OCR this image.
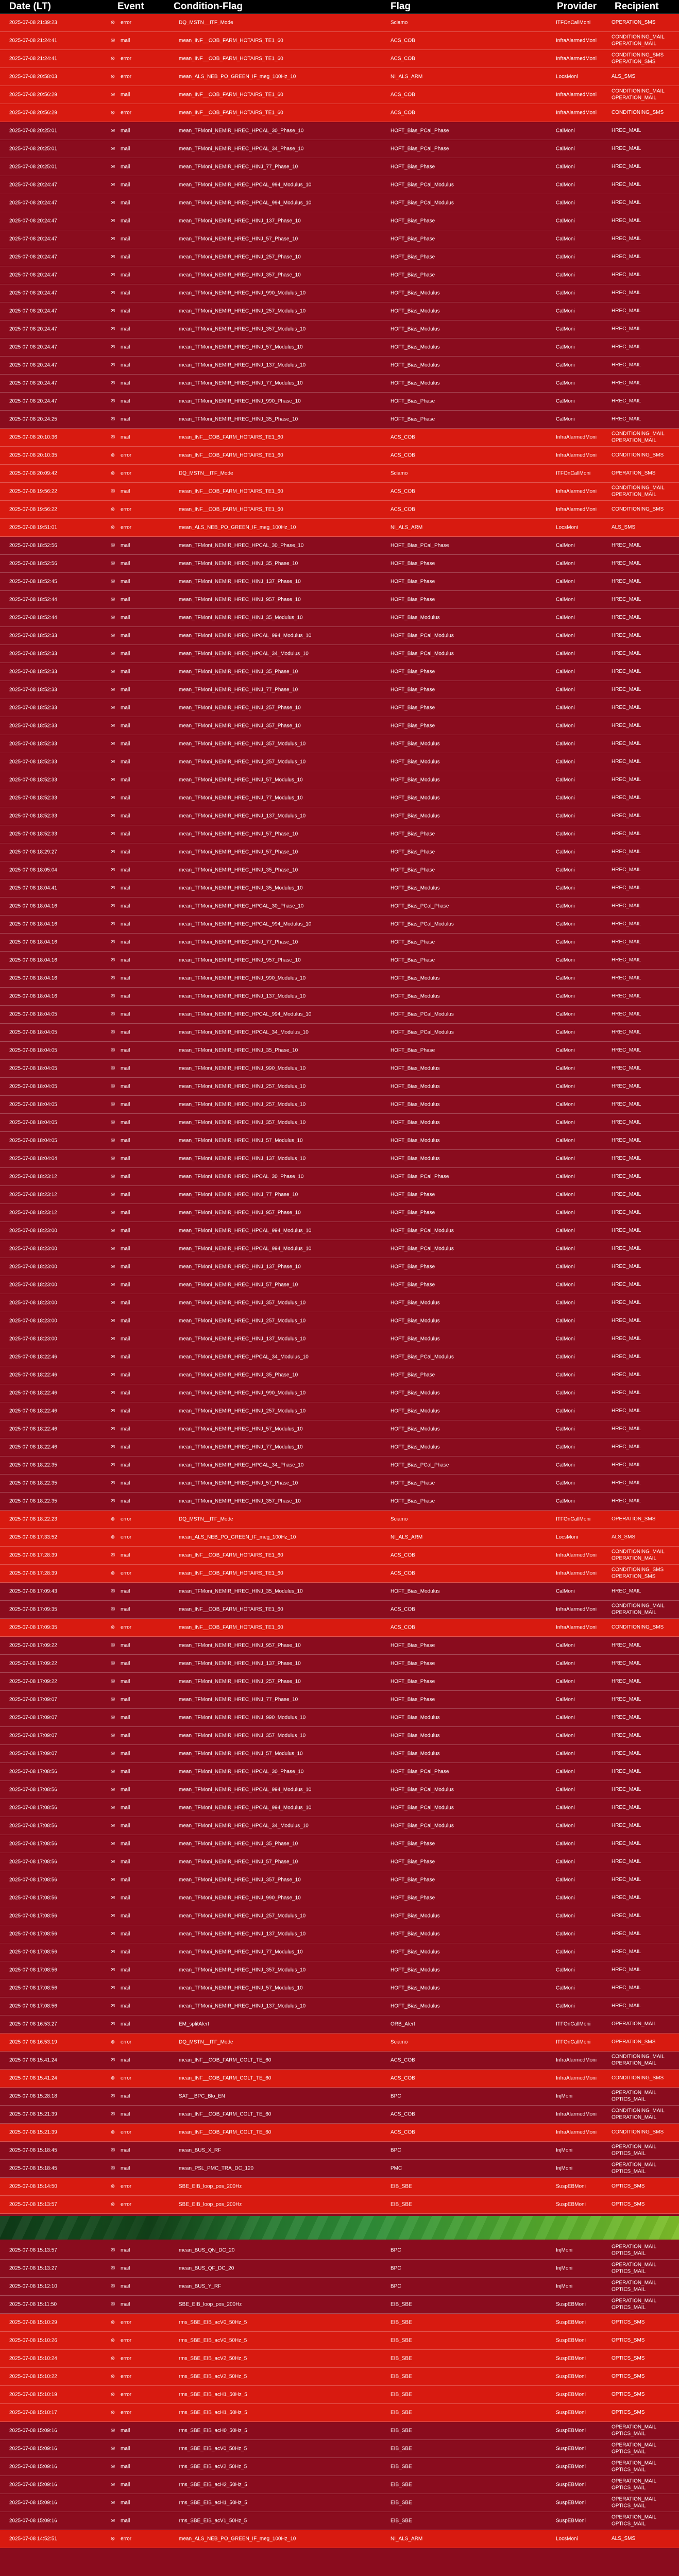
Date (LT)	Event	Condition-Flag	Flag	Provider Recipient
2025-07-08 21:39:23	⊗ error	DQ_MSTN__ITF_Mode	Sciamo	ITFOnCallMoni	OPERATION_SMS
2025-07-08 21:24:41	✉ mail	mean_INF__COB_FARM_HOTAIRS_TE1_60	ACS_COB	InfraAlarmedMoni
CONDITIONING_MAIL
OPERATION_MAIL
2025-07-08 21:24:41	⊗ error	mean_INF__COB_FARM_HOTAIRS_TE1_60	ACS_COB	InfraAlarmedMoni
CONDITIONING_SMS
OPERATION_SMS
2025-07-08 20:58:03	⊗ error	mean_ALS_NEB_PO_GREEN_IF_meg_100Hz_10	NI_ALS_ARM	LocsMoni	ALS_SMS
2025-07-08 20:56:29	✉ mail	mean_INF__COB_FARM_HOTAIRS_TE1_60	ACS_COB	InfraAlarmedMoni
CONDITIONING_MAIL
OPERATION_MAIL
2025-07-08 20:56:29	⊗ error	mean_INF__COB_FARM_HOTAIRS_TE1_60	ACS_COB	InfraAlarmedMoni	CONDITIONING_SMS
2025-07-08 20:25:01	✉ mail	mean_TFMoni_NEMIR_HREC_HPCAL_30_Phase_10	HOFT_Bias_PCal_Phase	CalMoni	HREC_MAIL
2025-07-08 20:25:01	✉ mail	mean_TFMoni_NEMIR_HREC_HPCAL_34_Phase_10	HOFT_Bias_PCal_Phase	CalMoni	HREC_MAIL
2025-07-08 20:25:01	✉ mail	mean_TFMoni_NEMIR_HREC_HINJ_77_Phase_10	HOFT_Bias_Phase	CalMoni	HREC_MAIL
2025-07-08 20:24:47	✉ mail	mean_TFMoni_NEMIR_HREC_HPCAL_994_Modulus_10	HOFT_Bias_PCal_Modulus	CalMoni	HREC_MAIL
2025-07-08 20:24:47	✉ mail	mean_TFMoni_NEMIR_HREC_HPCAL_994_Modulus_10	HOFT_Bias_PCal_Modulus	CalMoni	HREC_MAIL
2025-07-08 20:24:47	✉ mail	mean_TFMoni_NEMIR_HREC_HINJ_137_Phase_10	HOFT_Bias_Phase	CalMoni	HREC_MAIL
2025-07-08 20:24:47	✉ mail	mean_TFMoni_NEMIR_HREC_HINJ_57_Phase_10	HOFT_Bias_Phase	CalMoni	HREC_MAIL
2025-07-08 20:24:47	✉ mail	mean_TFMoni_NEMIR_HREC_HINJ_257_Phase_10	HOFT_Bias_Phase	CalMoni	HREC_MAIL
2025-07-08 20:24:47	✉ mail	mean_TFMoni_NEMIR_HREC_HINJ_357_Phase_10	HOFT_Bias_Phase	CalMoni	HREC_MAIL
2025-07-08 20:24:47	✉ mail	mean_TFMoni_NEMIR_HREC_HINJ_990_Modulus_10	HOFT_Bias_Modulus	CalMoni	HREC_MAIL
2025-07-08 20:24:47	✉ mail	mean_TFMoni_NEMIR_HREC_HINJ_257_Modulus_10	HOFT_Bias_Modulus	CalMoni	HREC_MAIL
2025-07-08 20:24:47	✉ mail	mean_TFMoni_NEMIR_HREC_HINJ_357_Modulus_10	HOFT_Bias_Modulus	CalMoni	HREC_MAIL
2025-07-08 20:24:47	✉ mail	mean_TFMoni_NEMIR_HREC_HINJ_57_Modulus_10	HOFT_Bias_Modulus	CalMoni	HREC_MAIL
2025-07-08 20:24:47	✉ mail	mean_TFMoni_NEMIR_HREC_HINJ_137_Modulus_10	HOFT_Bias_Modulus	CalMoni	HREC_MAIL
2025-07-08 20:24:47	✉ mail	mean_TFMoni_NEMIR_HREC_HINJ_77_Modulus_10	HOFT_Bias_Modulus	CalMoni	HREC_MAIL
2025-07-08 20:24:47	✉ mail	mean_TFMoni_NEMIR_HREC_HINJ_990_Phase_10	HOFT_Bias_Phase	CalMoni	HREC_MAIL
2025-07-08 20:24:25	✉ mail	mean_TFMoni_NEMIR_HREC_HINJ_35_Phase_10	HOFT_Bias_Phase	CalMoni	HREC_MAIL
2025-07-08 20:10:36	✉ mail	mean_INF__COB_FARM_HOTAIRS_TE1_60	ACS_COB	InfraAlarmedMoni
CONDITIONING_MAIL
OPERATION_MAIL
2025-07-08 20:10:35	⊗ error	mean_INF__COB_FARM_HOTAIRS_TE1_60	ACS_COB	InfraAlarmedMoni	CONDITIONING_SMS
2025-07-08 20:09:42	⊗ error	DQ_MSTN__ITF_Mode	Sciamo	ITFOnCallMoni	OPERATION_SMS
2025-07-08 19:56:22	✉ mail	mean_INF__COB_FARM_HOTAIRS_TE1_60	ACS_COB	InfraAlarmedMoni
CONDITIONING_MAIL
OPERATION_MAIL
2025-07-08 19:56:22	⊗ error	mean_INF__COB_FARM_HOTAIRS_TE1_60	ACS_COB	InfraAlarmedMoni	CONDITIONING_SMS
2025-07-08 19:51:01	⊗ error	mean_ALS_NEB_PO_GREEN_IF_meg_100Hz_10	NI_ALS_ARM	LocsMoni	ALS_SMS
2025-07-08 18:52:56	✉ mail	mean_TFMoni_NEMIR_HREC_HPCAL_30_Phase_10	HOFT_Bias_PCal_Phase	CalMoni	HREC_MAIL
2025-07-08 18:52:56	✉ mail	mean_TFMoni_NEMIR_HREC_HINJ_35_Phase_10	HOFT_Bias_Phase	CalMoni	HREC_MAIL
2025-07-08 18:52:45	✉ mail	mean_TFMoni_NEMIR_HREC_HINJ_137_Phase_10	HOFT_Bias_Phase	CalMoni	HREC_MAIL
2025-07-08 18:52:44	✉ mail	mean_TFMoni_NEMIR_HREC_HINJ_957_Phase_10	HOFT_Bias_Phase	CalMoni	HREC_MAIL
2025-07-08 18:52:44	✉ mail	mean_TFMoni_NEMIR_HREC_HINJ_35_Modulus_10	HOFT_Bias_Modulus	CalMoni	HREC_MAIL
2025-07-08 18:52:33	✉ mail	mean_TFMoni_NEMIR_HREC_HPCAL_994_Modulus_10	HOFT_Bias_PCal_Modulus	CalMoni	HREC_MAIL
2025-07-08 18:52:33	✉ mail	mean_TFMoni_NEMIR_HREC_HPCAL_34_Modulus_10	HOFT_Bias_PCal_Modulus	CalMoni	HREC_MAIL
2025-07-08 18:52:33	✉ mail	mean_TFMoni_NEMIR_HREC_HINJ_35_Phase_10	HOFT_Bias_Phase	CalMoni	HREC_MAIL
2025-07-08 18:52:33	✉ mail	mean_TFMoni_NEMIR_HREC_HINJ_77_Phase_10	HOFT_Bias_Phase	CalMoni	HREC_MAIL
2025-07-08 18:52:33	✉ mail	mean_TFMoni_NEMIR_HREC_HINJ_257_Phase_10	HOFT_Bias_Phase	CalMoni	HREC_MAIL
2025-07-08 18:52:33	✉ mail	mean_TFMoni_NEMIR_HREC_HINJ_357_Phase_10	HOFT_Bias_Phase	CalMoni	HREC_MAIL
2025-07-08 18:52:33	✉ mail	mean_TFMoni_NEMIR_HREC_HINJ_357_Modulus_10	HOFT_Bias_Modulus	CalMoni	HREC_MAIL
2025-07-08 18:52:33	✉ mail	mean_TFMoni_NEMIR_HREC_HINJ_257_Modulus_10	HOFT_Bias_Modulus	CalMoni	HREC_MAIL
2025-07-08 18:52:33	✉ mail	mean_TFMoni_NEMIR_HREC_HINJ_57_Modulus_10	HOFT_Bias_Modulus	CalMoni	HREC_MAIL
2025-07-08 18:52:33	✉ mail	mean_TFMoni_NEMIR_HREC_HINJ_77_Modulus_10	HOFT_Bias_Modulus	CalMoni	HREC_MAIL
2025-07-08 18:52:33	✉ mail	mean_TFMoni_NEMIR_HREC_HINJ_137_Modulus_10	HOFT_Bias_Modulus	CalMoni	HREC_MAIL
2025-07-08 18:52:33	✉ mail	mean_TFMoni_NEMIR_HREC_HINJ_57_Phase_10	HOFT_Bias_Phase	CalMoni	HREC_MAIL
2025-07-08 18:29:27	✉ mail	mean_TFMoni_NEMIR_HREC_HINJ_57_Phase_10	HOFT_Bias_Phase	CalMoni	HREC_MAIL
2025-07-08 18:05:04	✉ mail	mean_TFMoni_NEMIR_HREC_HINJ_35_Phase_10	HOFT_Bias_Phase	CalMoni	HREC_MAIL
2025-07-08 18:04:41	✉ mail	mean_TFMoni_NEMIR_HREC_HINJ_35_Modulus_10	HOFT_Bias_Modulus	CalMoni	HREC_MAIL
2025-07-08 18:04:16	✉ mail	mean_TFMoni_NEMIR_HREC_HPCAL_30_Phase_10	HOFT_Bias_PCal_Phase	CalMoni	HREC_MAIL
2025-07-08 18:04:16	✉ mail	mean_TFMoni_NEMIR_HREC_HPCAL_994_Modulus_10	HOFT_Bias_PCal_Modulus	CalMoni	HREC_MAIL
2025-07-08 18:04:16	✉ mail	mean_TFMoni_NEMIR_HREC_HINJ_77_Phase_10	HOFT_Bias_Phase	CalMoni	HREC_MAIL
2025-07-08 18:04:16	✉ mail	mean_TFMoni_NEMIR_HREC_HINJ_957_Phase_10	HOFT_Bias_Phase	CalMoni	HREC_MAIL
2025-07-08 18:04:16	✉ mail	mean_TFMoni_NEMIR_HREC_HINJ_990_Modulus_10	HOFT_Bias_Modulus	CalMoni	HREC_MAIL
2025-07-08 18:04:16	✉ mail	mean_TFMoni_NEMIR_HREC_HINJ_137_Modulus_10	HOFT_Bias_Modulus	CalMoni	HREC_MAIL
2025-07-08 18:04:05	✉ mail	mean_TFMoni_NEMIR_HREC_HPCAL_994_Modulus_10	HOFT_Bias_PCal_Modulus	CalMoni	HREC_MAIL
2025-07-08 18:04:05	✉ mail	mean_TFMoni_NEMIR_HREC_HPCAL_34_Modulus_10	HOFT_Bias_PCal_Modulus	CalMoni	HREC_MAIL
2025-07-08 18:04:05	✉ mail	mean_TFMoni_NEMIR_HREC_HINJ_35_Phase_10	HOFT_Bias_Phase	CalMoni	HREC_MAIL
2025-07-08 18:04:05	✉ mail	mean_TFMoni_NEMIR_HREC_HINJ_990_Modulus_10	HOFT_Bias_Modulus	CalMoni	HREC_MAIL
2025-07-08 18:04:05	✉ mail	mean_TFMoni_NEMIR_HREC_HINJ_257_Modulus_10	HOFT_Bias_Modulus	CalMoni	HREC_MAIL
2025-07-08 18:04:05	✉ mail	mean_TFMoni_NEMIR_HREC_HINJ_257_Modulus_10	HOFT_Bias_Modulus	CalMoni	HREC_MAIL
2025-07-08 18:04:05	✉ mail	mean_TFMoni_NEMIR_HREC_HINJ_357_Modulus_10	HOFT_Bias_Modulus	CalMoni	HREC_MAIL
2025-07-08 18:04:05	✉ mail	mean_TFMoni_NEMIR_HREC_HINJ_57_Modulus_10	HOFT_Bias_Modulus	CalMoni	HREC_MAIL
2025-07-08 18:04:04	✉ mail	mean_TFMoni_NEMIR_HREC_HINJ_137_Modulus_10	HOFT_Bias_Modulus	CalMoni	HREC_MAIL
2025-07-08 18:23:12	✉ mail	mean_TFMoni_NEMIR_HREC_HPCAL_30_Phase_10	HOFT_Bias_PCal_Phase	CalMoni	HREC_MAIL
2025-07-08 18:23:12	✉ mail	mean_TFMoni_NEMIR_HREC_HINJ_77_Phase_10	HOFT_Bias_Phase	CalMoni	HREC_MAIL
2025-07-08 18:23:12	✉ mail	mean_TFMoni_NEMIR_HREC_HINJ_957_Phase_10	HOFT_Bias_Phase	CalMoni	HREC_MAIL
2025-07-08 18:23:00	✉ mail	mean_TFMoni_NEMIR_HREC_HPCAL_994_Modulus_10	HOFT_Bias_PCal_Modulus	CalMoni	HREC_MAIL
2025-07-08 18:23:00	✉ mail	mean_TFMoni_NEMIR_HREC_HPCAL_994_Modulus_10	HOFT_Bias_PCal_Modulus	CalMoni	HREC_MAIL
2025-07-08 18:23:00	✉ mail	mean_TFMoni_NEMIR_HREC_HINJ_137_Phase_10	HOFT_Bias_Phase	CalMoni	HREC_MAIL
2025-07-08 18:23:00	✉ mail	mean_TFMoni_NEMIR_HREC_HINJ_57_Phase_10	HOFT_Bias_Phase	CalMoni	HREC_MAIL
2025-07-08 18:23:00	✉ mail	mean_TFMoni_NEMIR_HREC_HINJ_357_Modulus_10	HOFT_Bias_Modulus	CalMoni	HREC_MAIL
2025-07-08 18:23:00	✉ mail	mean_TFMoni_NEMIR_HREC_HINJ_257_Modulus_10	HOFT_Bias_Modulus	CalMoni	HREC_MAIL
2025-07-08 18:23:00	✉ mail	mean_TFMoni_NEMIR_HREC_HINJ_137_Modulus_10	HOFT_Bias_Modulus	CalMoni	HREC_MAIL
2025-07-08 18:22:46	✉ mail	mean_TFMoni_NEMIR_HREC_HPCAL_34_Modulus_10	HOFT_Bias_PCal_Modulus	CalMoni	HREC_MAIL
2025-07-08 18:22:46	✉ mail	mean_TFMoni_NEMIR_HREC_HINJ_35_Phase_10	HOFT_Bias_Phase	CalMoni	HREC_MAIL
2025-07-08 18:22:46	✉ mail	mean_TFMoni_NEMIR_HREC_HINJ_990_Modulus_10	HOFT_Bias_Modulus	CalMoni	HREC_MAIL
2025-07-08 18:22:46	✉ mail	mean_TFMoni_NEMIR_HREC_HINJ_257_Modulus_10	HOFT_Bias_Modulus	CalMoni	HREC_MAIL
2025-07-08 18:22:46	✉ mail	mean_TFMoni_NEMIR_HREC_HINJ_57_Modulus_10	HOFT_Bias_Modulus	CalMoni	HREC_MAIL
2025-07-08 18:22:46	✉ mail	mean_TFMoni_NEMIR_HREC_HINJ_77_Modulus_10	HOFT_Bias_Modulus	CalMoni	HREC_MAIL
2025-07-08 18:22:35	✉ mail	mean_TFMoni_NEMIR_HREC_HPCAL_34_Phase_10	HOFT_Bias_PCal_Phase	CalMoni	HREC_MAIL
2025-07-08 18:22:35	✉ mail	mean_TFMoni_NEMIR_HREC_HINJ_57_Phase_10	HOFT_Bias_Phase	CalMoni	HREC_MAIL
2025-07-08 18:22:35	✉ mail	mean_TFMoni_NEMIR_HREC_HINJ_357_Phase_10	HOFT_Bias_Phase	CalMoni	HREC_MAIL
2025-07-08 18:22:23	⊗ error	DQ_MSTN__ITF_Mode	Sciamo	ITFOnCallMoni	OPERATION_SMS
2025-07-08 17:33:52	⊗ error	mean_ALS_NEB_PO_GREEN_IF_meg_100Hz_10	NI_ALS_ARM	LocsMoni	ALS_SMS
2025-07-08 17:28:39	✉ mail	mean_INF__COB_FARM_HOTAIRS_TE1_60	ACS_COB	InfraAlarmedMoni
CONDITIONING_MAIL
OPERATION_MAIL
2025-07-08 17:28:39	⊗ error	mean_INF__COB_FARM_HOTAIRS_TE1_60	ACS_COB	InfraAlarmedMoni
CONDITIONING_SMS
OPERATION_SMS
2025-07-08 17:09:43	✉ mail	mean_TFMoni_NEMIR_HREC_HINJ_35_Modulus_10	HOFT_Bias_Modulus	CalMoni	HREC_MAIL
2025-07-08 17:09:35	✉ mail	mean_INF__COB_FARM_HOTAIRS_TE1_60	ACS_COB	InfraAlarmedMoni
CONDITIONING_MAIL
OPERATION_MAIL
2025-07-08 17:09:35	⊗ error	mean_INF__COB_FARM_HOTAIRS_TE1_60	ACS_COB	InfraAlarmedMoni	CONDITIONING_SMS
2025-07-08 17:09:22	✉ mail	mean_TFMoni_NEMIR_HREC_HINJ_957_Phase_10	HOFT_Bias_Phase	CalMoni	HREC_MAIL
2025-07-08 17:09:22	✉ mail	mean_TFMoni_NEMIR_HREC_HINJ_137_Phase_10	HOFT_Bias_Phase	CalMoni	HREC_MAIL
2025-07-08 17:09:22	✉ mail	mean_TFMoni_NEMIR_HREC_HINJ_257_Phase_10	HOFT_Bias_Phase	CalMoni	HREC_MAIL
2025-07-08 17:09:07	✉ mail	mean_TFMoni_NEMIR_HREC_HINJ_77_Phase_10	HOFT_Bias_Phase	CalMoni	HREC_MAIL
2025-07-08 17:09:07	✉ mail	mean_TFMoni_NEMIR_HREC_HINJ_990_Modulus_10	HOFT_Bias_Modulus	CalMoni	HREC_MAIL
2025-07-08 17:09:07	✉ mail	mean_TFMoni_NEMIR_HREC_HINJ_357_Modulus_10	HOFT_Bias_Modulus	CalMoni	HREC_MAIL
2025-07-08 17:09:07	✉ mail	mean_TFMoni_NEMIR_HREC_HINJ_57_Modulus_10	HOFT_Bias_Modulus	CalMoni	HREC_MAIL
2025-07-08 17:08:56	✉ mail	mean_TFMoni_NEMIR_HREC_HPCAL_30_Phase_10	HOFT_Bias_PCal_Phase	CalMoni	HREC_MAIL
2025-07-08 17:08:56	✉ mail	mean_TFMoni_NEMIR_HREC_HPCAL_994_Modulus_10	HOFT_Bias_PCal_Modulus	CalMoni	HREC_MAIL
2025-07-08 17:08:56	✉ mail	mean_TFMoni_NEMIR_HREC_HPCAL_994_Modulus_10	HOFT_Bias_PCal_Modulus	CalMoni	HREC_MAIL
2025-07-08 17:08:56	✉ mail	mean_TFMoni_NEMIR_HREC_HPCAL_34_Modulus_10	HOFT_Bias_PCal_Modulus	CalMoni	HREC_MAIL
2025-07-08 17:08:56	✉ mail	mean_TFMoni_NEMIR_HREC_HINJ_35_Phase_10	HOFT_Bias_Phase	CalMoni	HREC_MAIL
2025-07-08 17:08:56	✉ mail	mean_TFMoni_NEMIR_HREC_HINJ_57_Phase_10	HOFT_Bias_Phase	CalMoni	HREC_MAIL
2025-07-08 17:08:56	✉ mail	mean_TFMoni_NEMIR_HREC_HINJ_357_Phase_10	HOFT_Bias_Phase	CalMoni	HREC_MAIL
2025-07-08 17:08:56	✉ mail	mean_TFMoni_NEMIR_HREC_HINJ_990_Phase_10	HOFT_Bias_Phase	CalMoni	HREC_MAIL
2025-07-08 17:08:56	✉ mail	mean_TFMoni_NEMIR_HREC_HINJ_257_Modulus_10	HOFT_Bias_Modulus	CalMoni	HREC_MAIL
2025-07-08 17:08:56	✉ mail	mean_TFMoni_NEMIR_HREC_HINJ_137_Modulus_10	HOFT_Bias_Modulus	CalMoni	HREC_MAIL
2025-07-08 17:08:56	✉ mail	mean_TFMoni_NEMIR_HREC_HINJ_77_Modulus_10	HOFT_Bias_Modulus	CalMoni	HREC_MAIL
2025-07-08 17:08:56	✉ mail	mean_TFMoni_NEMIR_HREC_HINJ_357_Modulus_10	HOFT_Bias_Modulus	CalMoni	HREC_MAIL
2025-07-08 17:08:56	✉ mail	mean_TFMoni_NEMIR_HREC_HINJ_57_Modulus_10	HOFT_Bias_Modulus	CalMoni	HREC_MAIL
2025-07-08 17:08:56	✉ mail	mean_TFMoni_NEMIR_HREC_HINJ_137_Modulus_10	HOFT_Bias_Modulus	CalMoni	HREC_MAIL
2025-07-08 16:53:27	✉ mail	EM_splitAlert	ORB_Alert	ITFOnCallMoni	OPERATION_MAIL
2025-07-08 16:53:19	⊗ error	DQ_MSTN__ITF_Mode	Sciamo	ITFOnCallMoni	OPERATION_SMS
2025-07-08 15:41:24	✉ mail	mean_INF__COB_FARM_COLT_TE_60	ACS_COB	InfraAlarmedMoni
CONDITIONING_MAIL
OPERATION_MAIL
2025-07-08 15:41:24	⊗ error	mean_INF__COB_FARM_COLT_TE_60	ACS_COB	InfraAlarmedMoni	CONDITIONING_SMS
2025-07-08 15:28:18	✉ mail	SAT__BPC_Blo_EN	BPC	InjMoni
OPERATION_MAIL
OPTICS_MAIL
2025-07-08 15:21:39	✉ mail	mean_INF__COB_FARM_COLT_TE_60	ACS_COB	InfraAlarmedMoni
CONDITIONING_MAIL
OPERATION_MAIL
2025-07-08 15:21:39	⊗ error	mean_INF__COB_FARM_COLT_TE_60	ACS_COB	InfraAlarmedMoni	CONDITIONING_SMS
2025-07-08 15:18:45	✉ mail	mean_BUS_X_RF	BPC	InjMoni
OPERATION_MAIL
OPTICS_MAIL
2025-07-08 15:18:45	✉ mail	mean_PSL_PMC_TRA_DC_120	PMC	InjMoni
OPERATION_MAIL
OPTICS_MAIL
2025-07-08 15:14:50	⊗ error	SBE_EIB_loop_pos_200Hz	EIB_SBE	SuspEBMoni	OPTICS_SMS
2025-07-08 15:13:57	⊗ error	SBE_EIB_loop_pos_200Hz	EIB_SBE	SuspEBMoni	OPTICS_SMS
2025-07-08 15:13:57	✉ mail	mean_BUS_QN_DC_20	BPC	InjMoni
OPERATION_MAIL
OPTICS_MAIL
2025-07-08 15:13:27	✉ mail	mean_BUS_QF_DC_20	BPC	InjMoni
OPERATION_MAIL
OPTICS_MAIL
2025-07-08 15:12:10	✉ mail	mean_BUS_Y_RF	BPC	InjMoni
OPERATION_MAIL
OPTICS_MAIL
2025-07-08 15:11:50	✉ mail	SBE_EIB_loop_pos_200Hz	EIB_SBE	SuspEBMoni
OPERATION_MAIL
OPTICS_MAIL
2025-07-08 15:10:29	⊗ error	rms_SBE_EIB_acV0_50Hz_5	EIB_SBE	SuspEBMoni	OPTICS_SMS
2025-07-08 15:10:26	⊗ error	rms_SBE_EIB_acV0_50Hz_5	EIB_SBE	SuspEBMoni	OPTICS_SMS
2025-07-08 15:10:24	⊗ error	rms_SBE_EIB_acV2_50Hz_5	EIB_SBE	SuspEBMoni	OPTICS_SMS
2025-07-08 15:10:22	⊗ error	rms_SBE_EIB_acV2_50Hz_5	EIB_SBE	SuspEBMoni	OPTICS_SMS
2025-07-08 15:10:19	⊗ error	rms_SBE_EIB_acH1_50Hz_5	EIB_SBE	SuspEBMoni	OPTICS_SMS
2025-07-08 15:10:17	⊗ error	rms_SBE_EIB_acH1_50Hz_5	EIB_SBE	SuspEBMoni	OPTICS_SMS
2025-07-08 15:09:16	✉ mail	rms_SBE_EIB_acH0_50Hz_5	EIB_SBE	SuspEBMoni
OPERATION_MAIL
OPTICS_MAIL
2025-07-08 15:09:16	✉ mail	rms_SBE_EIB_acV0_50Hz_5	EIB_SBE	SuspEBMoni
OPERATION_MAIL
OPTICS_MAIL
2025-07-08 15:09:16	✉ mail	rms_SBE_EIB_acV2_50Hz_5	EIB_SBE	SuspEBMoni
OPERATION_MAIL
OPTICS_MAIL
2025-07-08 15:09:16	✉ mail	rms_SBE_EIB_acH2_50Hz_5	EIB_SBE	SuspEBMoni
OPERATION_MAIL
OPTICS_MAIL
2025-07-08 15:09:16	✉ mail	rms_SBE_EIB_acH1_50Hz_5	EIB_SBE	SuspEBMoni
OPERATION_MAIL
OPTICS_MAIL
2025-07-08 15:09:16	✉ mail	rms_SBE_EIB_acV1_50Hz_5	EIB_SBE	SuspEBMoni
OPERATION_MAIL
OPTICS_MAIL
2025-07-08 14:52:51	⊗ error	mean_ALS_NEB_PO_GREEN_IF_meg_100Hz_10	NI_ALS_ARM	LocsMoni	ALS_SMS
